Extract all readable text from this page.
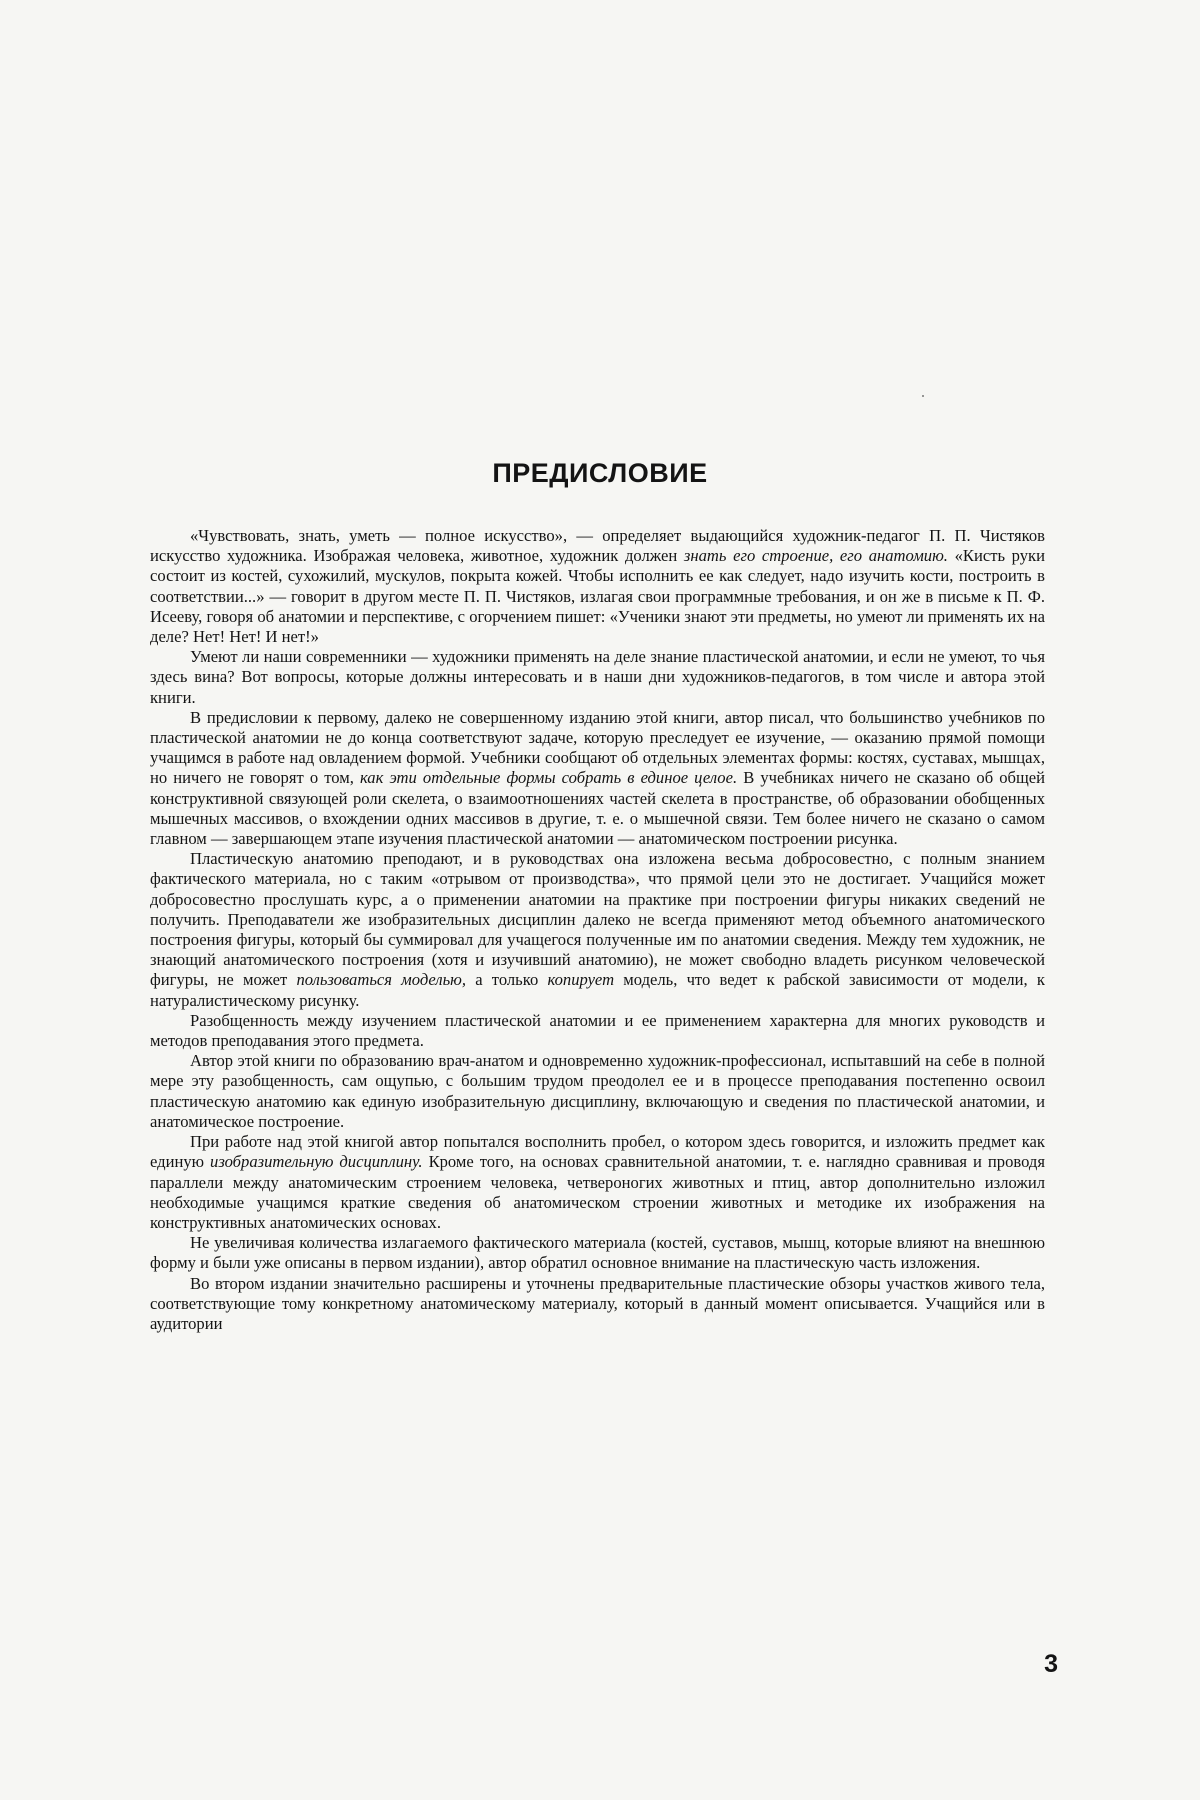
ПРЕДИСЛОВИЕ

«Чувствовать, знать, уметь — полное искусство», — определяет выдающийся художник-педагог П. П. Чистяков искусство художника. Изображая человека, животное, художник должен знать его строение, его анатомию. «Кисть руки состоит из костей, сухожилий, мускулов, покрыта кожей. Чтобы исполнить ее как следует, надо изучить кости, построить в соответствии...» — говорит в другом месте П. П. Чистяков, излагая свои программные требования, и он же в письме к П. Ф. Исееву, говоря об анатомии и перспективе, с огорчением пишет: «Ученики знают эти предметы, но умеют ли применять их на деле? Нет! Нет! И нет!»

Умеют ли наши современники — художники применять на деле знание пластической анатомии, и если не умеют, то чья здесь вина? Вот вопросы, которые должны интересовать и в наши дни художников-педагогов, в том числе и автора этой книги.

В предисловии к первому, далеко не совершенному изданию этой книги, автор писал, что большинство учебников по пластической анатомии не до конца соответствуют задаче, которую преследует ее изучение, — оказанию прямой помощи учащимся в работе над овладением формой. Учебники сообщают об отдельных элементах формы: костях, суставах, мышцах, но ничего не говорят о том, как эти отдельные формы собрать в единое целое. В учебниках ничего не сказано об общей конструктивной связующей роли скелета, о взаимоотношениях частей скелета в пространстве, об образовании обобщенных мышечных массивов, о вхождении одних массивов в другие, т. е. о мышечной связи. Тем более ничего не сказано о самом главном — завершающем этапе изучения пластической анатомии — анатомическом построении рисунка.

Пластическую анатомию преподают, и в руководствах она изложена весьма добросовестно, с полным знанием фактического материала, но с таким «отрывом от производства», что прямой цели это не достигает. Учащийся может добросовестно прослушать курс, а о применении анатомии на практике при построении фигуры никаких сведений не получить. Преподаватели же изобразительных дисциплин далеко не всегда применяют метод объемного анатомического построения фигуры, который бы суммировал для учащегося полученные им по анатомии сведения. Между тем художник, не знающий анатомического построения (хотя и изучивший анатомию), не может свободно владеть рисунком человеческой фигуры, не может пользоваться моделью, а только копирует модель, что ведет к рабской зависимости от модели, к натуралистическому рисунку.

Разобщенность между изучением пластической анатомии и ее применением характерна для многих руководств и методов преподавания этого предмета.

Автор этой книги по образованию врач-анатом и одновременно художник-профессионал, испытавший на себе в полной мере эту разобщенность, сам ощупью, с большим трудом преодолел ее и в процессе преподавания постепенно освоил пластическую анатомию как единую изобразительную дисциплину, включающую и сведения по пластической анатомии, и анатомическое построение.

При работе над этой книгой автор попытался восполнить пробел, о котором здесь говорится, и изложить предмет как единую изобразительную дисциплину. Кроме того, на основах сравнительной анатомии, т. е. наглядно сравнивая и проводя параллели между анатомическим строением человека, четвероногих животных и птиц, автор дополнительно изложил необходимые учащимся краткие сведения об анатомическом строении животных и методике их изображения на конструктивных анатомических основах.

Не увеличивая количества излагаемого фактического материала (костей, суставов, мышц, которые влияют на внешнюю форму и были уже описаны в первом издании), автор обратил основное внимание на пластическую часть изложения.

Во втором издании значительно расширены и уточнены предварительные пластические обзоры участков живого тела, соответствующие тому конкретному анатомическому материалу, который в данный момент описывается. Учащийся или в аудитории

3
